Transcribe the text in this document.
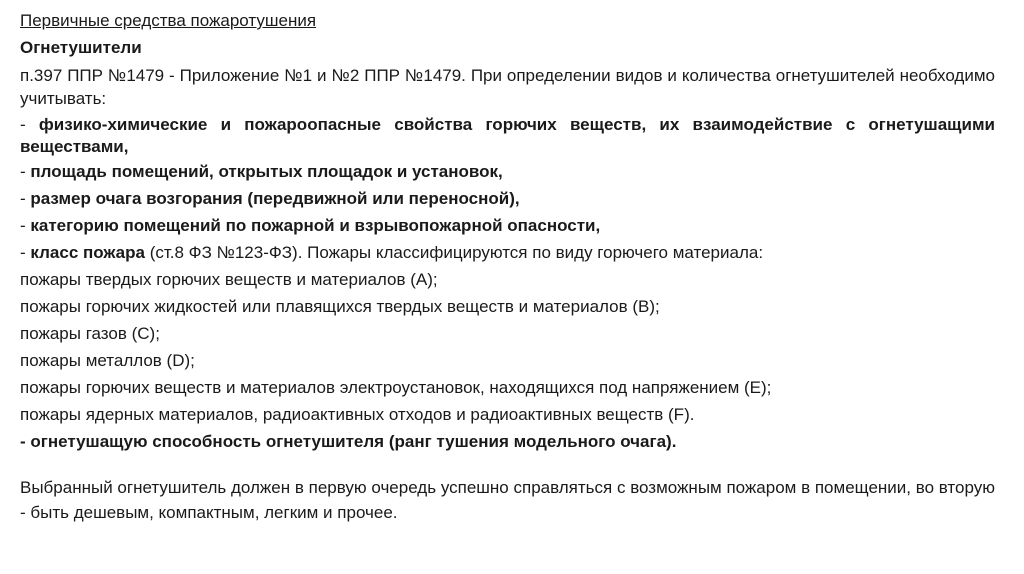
Первичные средства пожаротушения
Огнетушители
п.397 ППР №1479 - Приложение №1 и №2 ППР №1479. При определении видов и количества огнетушителей необходимо учитывать:
- физико-химические и пожароопасные свойства горючих веществ, их взаимодействие с огнетушащими веществами,
- площадь помещений, открытых площадок и установок,
- размер очага возгорания (передвижной или переносной),
- категорию помещений по пожарной и взрывопожарной опасности,
- класс пожара (ст.8 ФЗ №123-ФЗ). Пожары классифицируются по виду горючего материала:
пожары твердых горючих веществ и материалов (A);
пожары горючих жидкостей или плавящихся твердых веществ и материалов (B);
пожары газов (C);
пожары металлов (D);
пожары горючих веществ и материалов электроустановок, находящихся под напряжением (E);
пожары ядерных материалов, радиоактивных отходов и радиоактивных веществ (F).
- огнетушащую способность огнетушителя (ранг тушения модельного очага).
Выбранный огнетушитель должен в первую очередь успешно справляться с возможным пожаром в помещении, во вторую - быть дешевым, компактным, легким и прочее.
